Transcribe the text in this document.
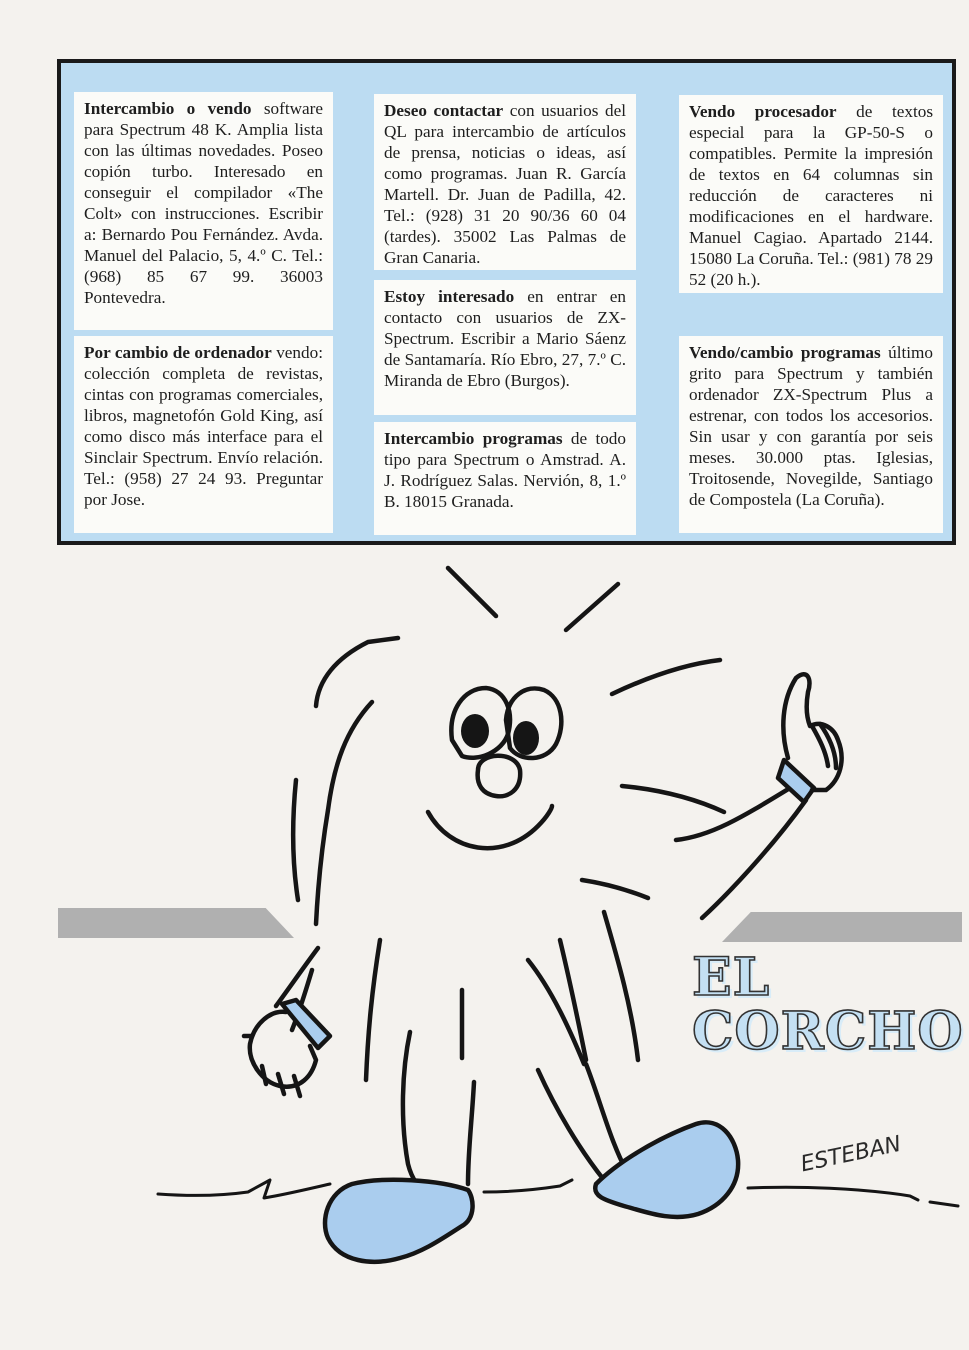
Intercambio o vendo software para Spectrum 48 K. Amplia lista con las últimas novedades. Poseo copión turbo. Interesado en conseguir el compilador «The Colt» con instrucciones. Escribir a: Bernardo Pou Fernández. Avda. Manuel del Palacio, 5, 4.º C. Tel.: (968) 85 67 99. 36003 Pontevedra.
Por cambio de ordenador vendo: colección completa de revistas, cintas con programas comerciales, libros, magnetofón Gold King, así como disco más interface para el Sinclair Spectrum. Envío relación. Tel.: (958) 27 24 93. Preguntar por Jose.
Deseo contactar con usuarios del QL para intercambio de artículos de prensa, noticias o ideas, así como programas. Juan R. García Martell. Dr. Juan de Padilla, 42. Tel.: (928) 31 20 90/36 60 04 (tardes). 35002 Las Palmas de Gran Canaria.
Estoy interesado en entrar en contacto con usuarios de ZX-Spectrum. Escribir a Mario Sáenz de Santamaría. Río Ebro, 27, 7.º C. Miranda de Ebro (Burgos).
Intercambio programas de todo tipo para Spectrum o Amstrad. A. J. Rodríguez Salas. Nervión, 8, 1.º B. 18015 Granada.
Vendo procesador de textos especial para la GP-50-S o compatibles. Permite la impresión de textos en 64 columnas sin reducción de caracteres ni modificaciones en el hardware. Manuel Cagiao. Apartado 2144. 15080 La Coruña. Tel.: (981) 78 29 52 (20 h.).
Vendo/cambio programas último grito para Spectrum y también ordenador ZX-Spectrum Plus a estrenar, con todos los accesorios. Sin usar y con garantía por seis meses. 30.000 ptas. Iglesias, Troitosende, Novegilde, Santiago de Compostela (La Coruña).
EL
CORCHO
ESTEBAN
